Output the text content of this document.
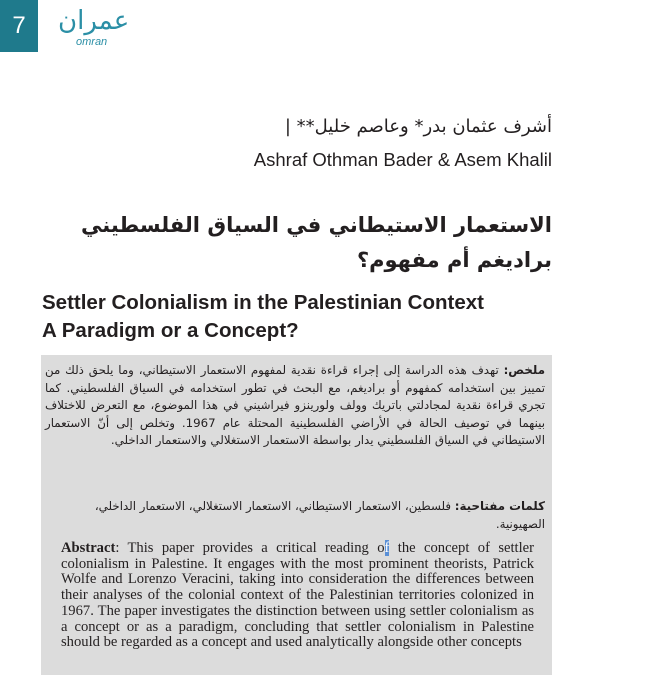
7 عمران
omran
أشرف عثمان بدر* وعاصم خليل** |
Ashraf Othman Bader & Asem Khalil
الاستعمار الاستيطاني في السياق الفلسطيني
براديغم أم مفهوم؟
Settler Colonialism in the Palestinian Context
A Paradigm or a Concept?
ملخص: تهدف هذه الدراسة إلى إجراء قراءة نقدية لمفهوم الاستعمار الاستيطاني، وما يلحق ذلك من تمييز بين استخدامه كمفهوم أو براديغم، مع البحث في تطور استخدامه في السياق الفلسطيني. كما تجري قراءة نقدية لمجادلتي باتريك وولف ولورينزو فيراشيني في هذا الموضوع، مع التعرض للاختلاف بينهما في توصيف الحالة في الأراضي الفلسطينية المحتلة عام 1967. وتخلص إلى أنّ الاستعمار الاستيطاني في السياق الفلسطيني يدار بواسطة الاستعمار الاستغلالي والاستعمار الداخلي.
كلمات مفتاحية: فلسطين، الاستعمار الاستيطاني، الاستعمار الاستغلالي، الاستعمار الداخلي، الصهيونية.
Abstract: This paper provides a critical reading of the concept of settler colonialism in Palestine. It engages with the most prominent theorists, Patrick Wolfe and Lorenzo Veracini, taking into consideration the differences between their analyses of the colonial context of the Palestinian territories colonized in 1967. The paper investigates the distinction between using settler colonialism as a concept or as a paradigm, concluding that settler colonialism in Palestine should be regarded as a concept and used analytically alongside other concepts
